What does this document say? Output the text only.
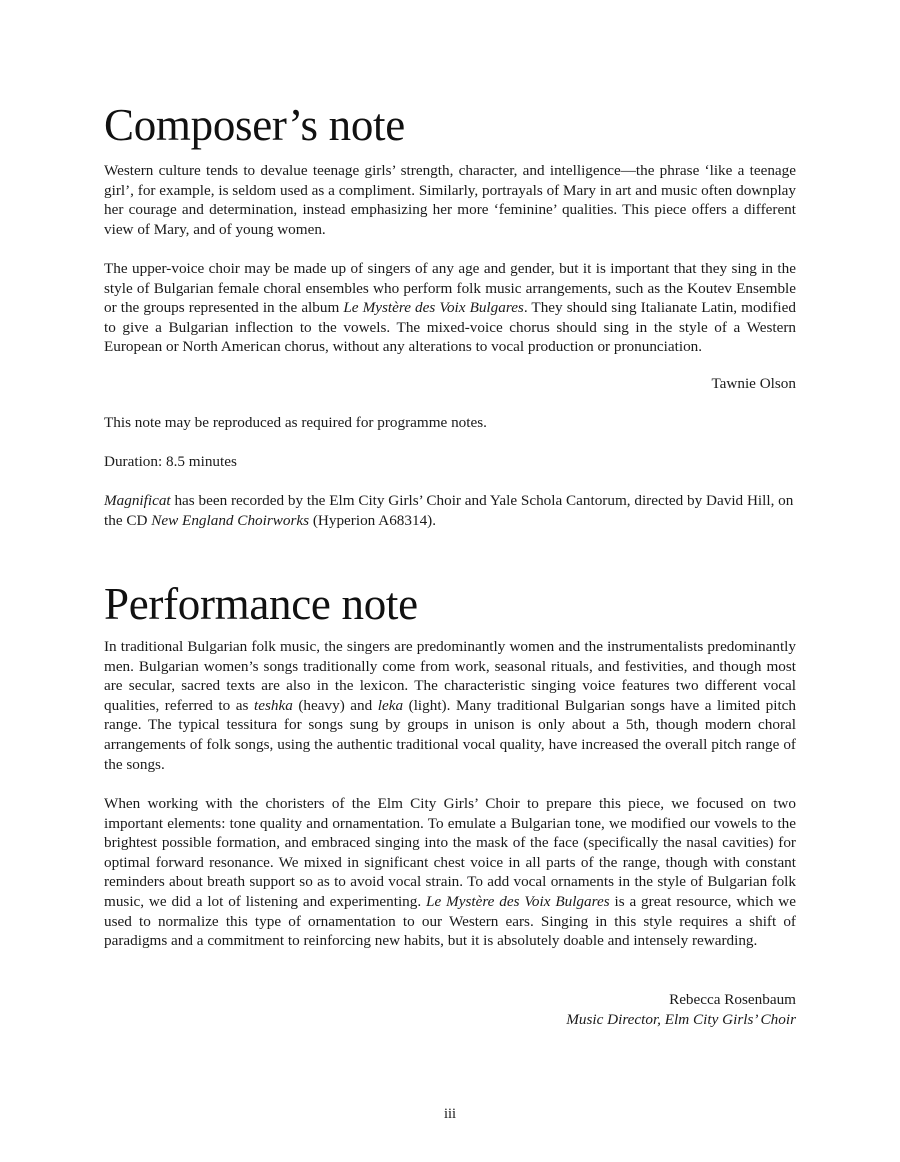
Composer’s note

Western culture tends to devalue teenage girls’ strength, character, and intelligence—the phrase ‘like a teenage girl’, for example, is seldom used as a compliment. Similarly, portrayals of Mary in art and music often downplay her courage and determination, instead emphasizing her more ‘feminine’ qualities. This piece offers a different view of Mary, and of young women.

The upper-voice choir may be made up of singers of any age and gender, but it is important that they sing in the style of Bulgarian female choral ensembles who perform folk music arrangements, such as the Koutev Ensemble or the groups represented in the album Le Mystère des Voix Bulgares. They should sing Italianate Latin, modified to give a Bulgarian inflection to the vowels. The mixed-voice chorus should sing in the style of a Western European or North American chorus, without any alterations to vocal production or pronunciation.

Tawnie Olson

This note may be reproduced as required for programme notes.

Duration: 8.5 minutes

Magnificat has been recorded by the Elm City Girls’ Choir and Yale Schola Cantorum, directed by David Hill, on the CD New England Choirworks (Hyperion A68314).

Performance note

In traditional Bulgarian folk music, the singers are predominantly women and the instrumentalists predominantly men. Bulgarian women’s songs traditionally come from work, seasonal rituals, and festivities, and though most are secular, sacred texts are also in the lexicon. The characteristic singing voice features two different vocal qualities, referred to as teshka (heavy) and leka (light). Many traditional Bulgarian songs have a limited pitch range. The typical tessitura for songs sung by groups in unison is only about a 5th, though modern choral arrangements of folk songs, using the authentic traditional vocal quality, have increased the overall pitch range of the songs.

When working with the choristers of the Elm City Girls’ Choir to prepare this piece, we focused on two important elements: tone quality and ornamentation. To emulate a Bulgarian tone, we modified our vowels to the brightest possible formation, and embraced singing into the mask of the face (specifically the nasal cavities) for optimal forward resonance. We mixed in significant chest voice in all parts of the range, though with constant reminders about breath support so as to avoid vocal strain. To add vocal ornaments in the style of Bulgarian folk music, we did a lot of listening and experimenting. Le Mystère des Voix Bulgares is a great resource, which we used to normalize this type of ornamentation to our Western ears. Singing in this style requires a shift of paradigms and a commitment to reinforcing new habits, but it is absolutely doable and intensely rewarding.

Rebecca Rosenbaum

Music Director, Elm City Girls’ Choir

iii
